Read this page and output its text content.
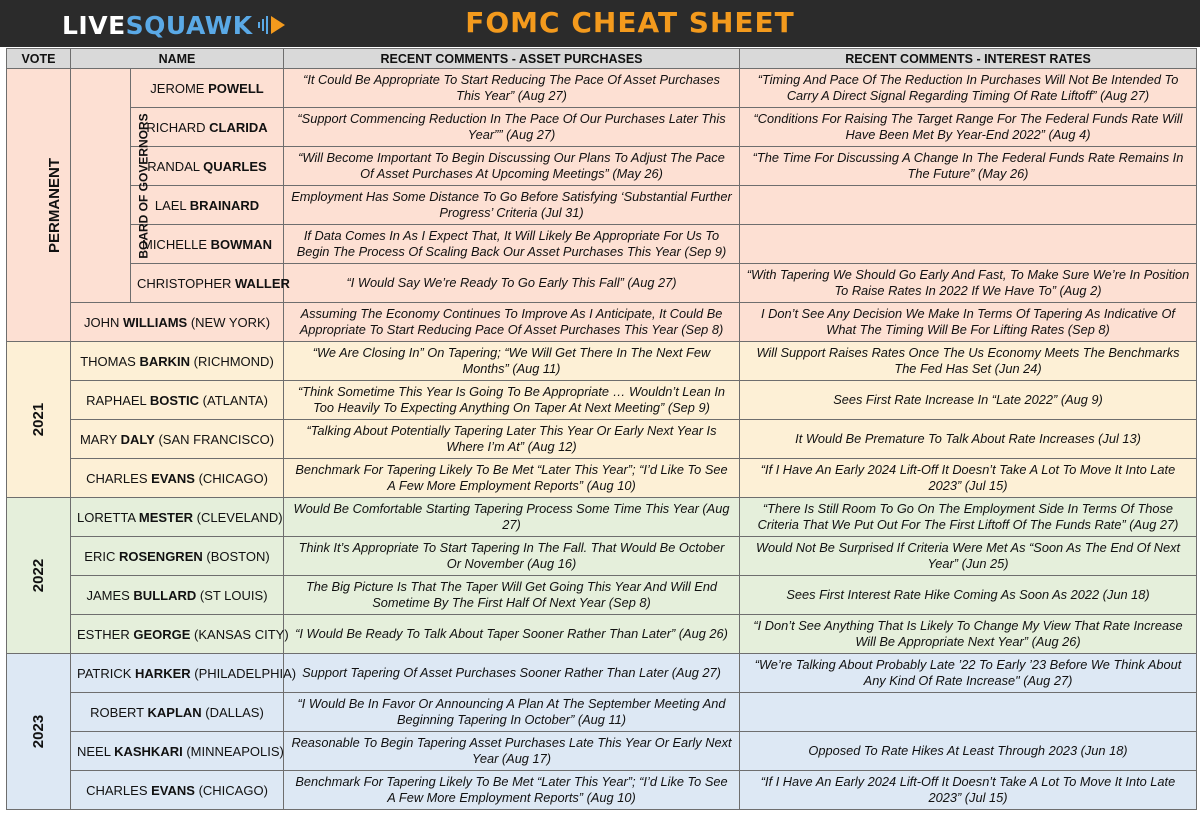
LIVE SQUAWK	FOMC CHEAT SHEET
VOTE	NAME		RECENT COMMENTS - ASSET PURCHASES	RECENT COMMENTS - INTEREST RATES
PERMANENT	BOARD OF GOVERNORS	JEROME POWELL	“It Could Be Appropriate To Start Reducing The Pace Of Asset Purchases This Year” (Aug 27)	“Timing And Pace Of The Reduction In Purchases Will Not Be Intended To Carry A Direct Signal Regarding Timing Of Rate Liftoff” (Aug 27)
		RICHARD CLARIDA	“Support Commencing Reduction In The Pace Of Our Purchases Later This Year”” (Aug 27)	“Conditions For Raising The Target Range For The Federal Funds Rate Will Have Been Met By Year-End 2022” (Aug 4)
		RANDAL QUARLES	“Will Become Important To Begin Discussing Our Plans To Adjust The Pace Of Asset Purchases At Upcoming Meetings” (May 26)	“The Time For Discussing A Change In The Federal Funds Rate Remains In The Future” (May 26)
		LAEL BRAINARD	Employment Has Some Distance To Go Before Satisfying ‘Substantial Further Progress’ Criteria (Jul 31)	
		MICHELLE BOWMAN	If Data Comes In As I Expect That, It Will Likely Be Appropriate For Us To Begin The Process Of Scaling Back Our Asset Purchases This Year (Sep 9)	
		CHRISTOPHER WALLER	“I Would Say We’re Ready To Go Early This Fall” (Aug 27)	“With Tapering We Should Go Early And Fast, To Make Sure We’re In Position To Raise Rates In 2022 If We Have To” (Aug 2)
	JOHN WILLIAMS (NEW YORK)		Assuming The Economy Continues To Improve As I Anticipate, It Could Be Appropriate To Start Reducing Pace Of Asset Purchases This Year (Sep 8)	I Don’t See Any Decision We Make In Terms Of Tapering As Indicative Of What The Timing Will Be For Lifting Rates (Sep 8)
2021	THOMAS BARKIN (RICHMOND)		“We Are Closing In” On Tapering; “We Will Get There In The Next Few Months” (Aug 11)	Will Support Raises Rates Once The Us Economy Meets The Benchmarks The Fed Has Set (Jun 24)
	RAPHAEL BOSTIC (ATLANTA)		“Think Sometime This Year Is Going To Be Appropriate … Wouldn’t Lean In Too Heavily To Expecting Anything On Taper At Next Meeting” (Sep 9)	Sees First Rate Increase In “Late 2022” (Aug 9)
	MARY DALY (SAN FRANCISCO)		“Talking About Potentially Tapering Later This Year Or Early Next Year Is Where I’m At” (Aug 12)	It Would Be Premature To Talk About Rate Increases (Jul 13)
	CHARLES EVANS (CHICAGO)		Benchmark For Tapering Likely To Be Met “Later This Year”; “I’d Like To See A Few More Employment Reports” (Aug 10)	“If I Have An Early 2024 Lift-Off It Doesn’t Take A Lot To Move It Into Late 2023” (Jul 15)
2022	LORETTA MESTER (CLEVELAND)		Would Be Comfortable Starting Tapering Process Some Time This Year (Aug 27)	“There Is Still Room To Go On The Employment Side In Terms Of Those Criteria That We Put Out For The First Liftoff Of The Funds Rate” (Aug 27)
	ERIC ROSENGREN (BOSTON)		Think It’s Appropriate To Start Tapering In The Fall. That Would Be October Or November (Aug 16)	Would Not Be Surprised If Criteria Were Met As “Soon As The End Of Next Year” (Jun 25)
	JAMES BULLARD (ST LOUIS)		The Big Picture Is That The Taper Will Get Going This Year And Will End Sometime By The First Half Of Next Year (Sep 8)	Sees First Interest Rate Hike Coming As Soon As 2022 (Jun 18)
	ESTHER GEORGE (KANSAS CITY)		“I Would Be Ready To Talk About Taper Sooner Rather Than Later” (Aug 26)	“I Don’t See Anything That Is Likely To Change My View That Rate Increase Will Be Appropriate Next Year” (Aug 26)
2023	PATRICK HARKER (PHILADELPHIA)		Support Tapering Of Asset Purchases Sooner Rather Than Later (Aug 27)	“We’re Talking About Probably Late ’22 To Early ’23 Before We Think About Any Kind Of Rate Increase" (Aug 27)
	ROBERT KAPLAN (DALLAS)		“I Would Be In Favor Or Announcing A Plan At The September Meeting And Beginning Tapering In October” (Aug 11)	
	NEEL KASHKARI (MINNEAPOLIS)		Reasonable To Begin Tapering Asset Purchases Late This Year Or Early Next Year (Aug 17)	Opposed To Rate Hikes At Least Through 2023 (Jun 18)
	CHARLES EVANS (CHICAGO)		Benchmark For Tapering Likely To Be Met “Later This Year”; “I’d Like To See A Few More Employment Reports” (Aug 10)	“If I Have An Early 2024 Lift-Off It Doesn’t Take A Lot To Move It Into Late 2023” (Jul 15)
